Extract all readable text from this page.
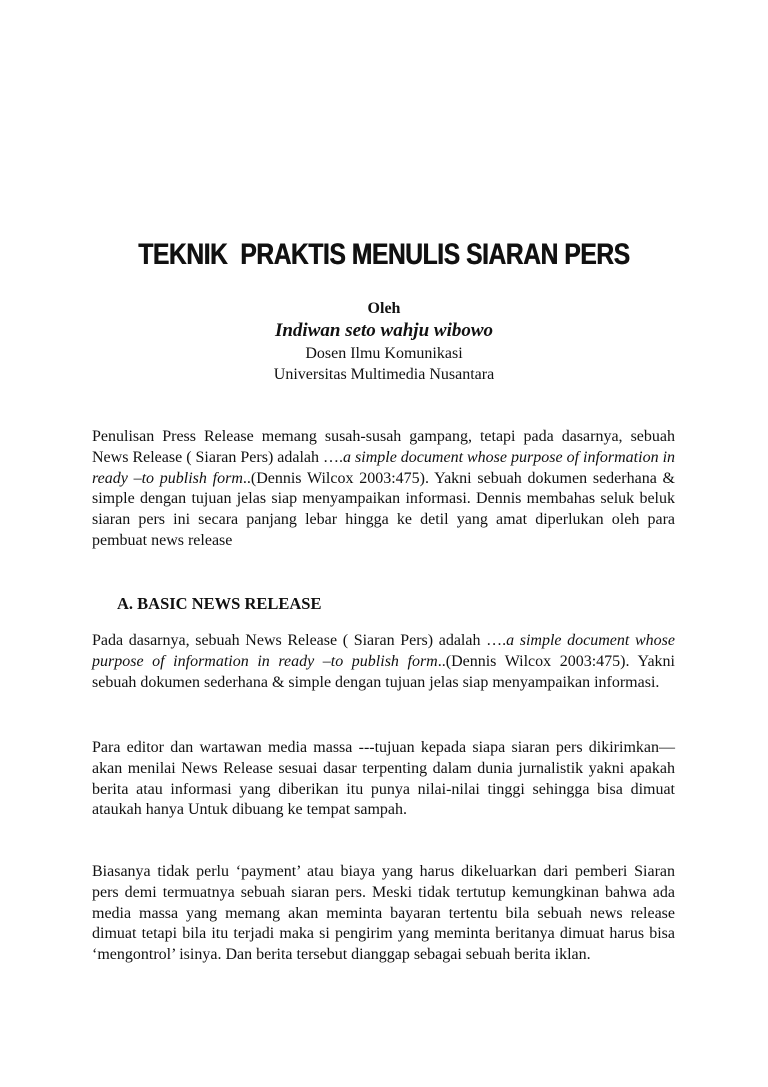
TEKNIK  PRAKTIS MENULIS SIARAN PERS
Oleh
Indiwan seto wahju wibowo
Dosen Ilmu Komunikasi
Universitas Multimedia Nusantara

Penulisan Press Release memang susah-susah gampang, tetapi pada dasarnya, sebuah News Release ( Siaran Pers) adalah ….a simple document whose purpose of information in ready –to publish form..(Dennis Wilcox 2003:475). Yakni sebuah dokumen sederhana & simple dengan tujuan jelas siap menyampaikan informasi. Dennis membahas seluk beluk siaran pers ini secara panjang lebar hingga ke detil yang amat diperlukan oleh para pembuat news release

A. BASIC NEWS RELEASE

Pada dasarnya, sebuah News Release ( Siaran Pers) adalah ….a simple document whose purpose of information in ready –to publish form..(Dennis Wilcox 2003:475). Yakni sebuah dokumen sederhana & simple dengan tujuan jelas siap menyampaikan informasi.

Para editor dan wartawan media massa ---tujuan kepada siapa siaran pers dikirimkan—akan menilai News Release sesuai dasar terpenting dalam dunia jurnalistik yakni apakah berita atau informasi yang diberikan itu punya nilai-nilai tinggi sehingga bisa dimuat ataukah hanya Untuk dibuang ke tempat sampah.

Biasanya tidak perlu ‘payment’ atau biaya yang harus dikeluarkan dari pemberi Siaran pers demi termuatnya sebuah siaran pers. Meski tidak tertutup kemungkinan bahwa ada media massa yang memang akan meminta bayaran tertentu bila sebuah news release dimuat tetapi bila itu terjadi maka si pengirim yang meminta beritanya dimuat harus bisa ‘mengontrol’ isinya. Dan berita tersebut dianggap sebagai sebuah berita iklan.
